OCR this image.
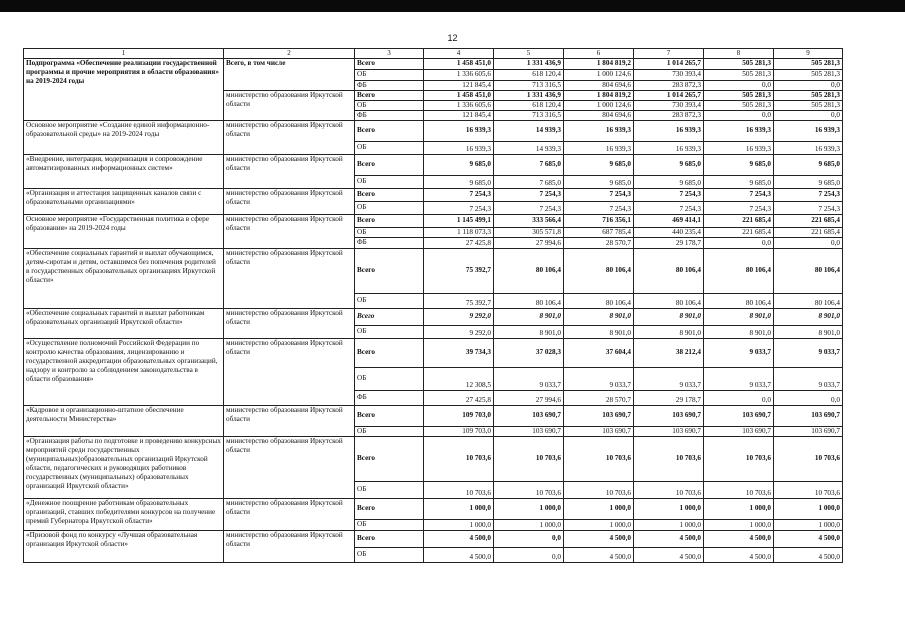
12
1	2	3	4	5	6	7	8	9
Подпрограмма «Обеспечение реализации государственной программы и прочие мероприятия в области образования» на 2019-2024 годы	Всего, в том числе	Всего	1 458 451,0	1 331 436,9	1 804 819,2	1 014 265,7	505 281,3	505 281,3
		ОБ	1 336 605,6	618 120,4	1 000 124,6	730 393,4	505 281,3	505 281,3
		ФБ	121 845,4	713 316,5	804 694,6	283 872,3	0,0	0,0
	министерство образования Иркутской области	Всего	1 458 451,0	1 331 436,9	1 804 819,2	1 014 265,7	505 281,3	505 281,3
		ОБ	1 336 605,6	618 120,4	1 000 124,6	730 393,4	505 281,3	505 281,3
		ФБ	121 845,4	713 316,5	804 694,6	283 872,3	0,0	0,0
Основное мероприятие «Создание единой информационно-образовательной среды» на 2019-2024 годы	министерство образования Иркутской области	Всего	16 939,3	14 939,3	16 939,3	16 939,3	16 939,3	16 939,3
		ОБ	16 939,3	14 939,3	16 939,3	16 939,3	16 939,3	16 939,3
«Внедрение, интеграция, модернизация и сопровождение автоматизированных информационных систем»	министерство образования Иркутской области	Всего	9 685,0	7 685,0	9 685,0	9 685,0	9 685,0	9 685,0
		ОБ	9 685,0	7 685,0	9 685,0	9 685,0	9 685,0	9 685,0
«Организация и аттестация защищенных каналов связи с образовательными организациями»	министерство образования Иркутской области	Всего	7 254,3	7 254,3	7 254,3	7 254,3	7 254,3	7 254,3
		ОБ	7 254,3	7 254,3	7 254,3	7 254,3	7 254,3	7 254,3
Основное мероприятие «Государственная политика в сфере образования» на 2019-2024 годы	министерство образования Иркутской области	Всего	1 145 499,1	333 566,4	716 356,1	469 414,1	221 685,4	221 685,4
		ОБ	1 118 073,3	305 571,8	687 785,4	440 235,4	221 685,4	221 685,4
		ФБ	27 425,8	27 994,6	28 570,7	29 178,7	0,0	0,0
«Обеспечение социальных гарантий и выплат обучающимся, детям-сиротам и детям, оставшимся без попечения родителей в государственных образовательных организациях Иркутской области»	министерство образования Иркутской области	Всего	75 392,7	80 106,4	80 106,4	80 106,4	80 106,4	80 106,4
		ОБ	75 392,7	80 106,4	80 106,4	80 106,4	80 106,4	80 106,4
«Обеспечение социальных гарантий и выплат работникам образовательных организаций Иркутской области»	министерство образования Иркутской области	Всего	9 292,0	8 901,0	8 901,0	8 901,0	8 901,0	8 901,0
		ОБ	9 292,0	8 901,0	8 901,0	8 901,0	8 901,0	8 901,0
«Осуществление полномочий Российской Федерации по контролю качества образования, лицензированию и государственной аккредитации образовательных организаций, надзору и контролю за соблюдением законодательства в области образования»	министерство образования Иркутской области	Всего	39 734,3	37 028,3	37 604,4	38 212,4	9 033,7	9 033,7
		ОБ	12 308,5	9 033,7	9 033,7	9 033,7	9 033,7	9 033,7
		ФБ	27 425,8	27 994,6	28 570,7	29 178,7	0,0	0,0
«Кадровое и организационно-штатное обеспечение деятельности Министерства»	министерство образования Иркутской области	Всего	109 703,0	103 690,7	103 690,7	103 690,7	103 690,7	103 690,7
		ОБ	109 703,0	103 690,7	103 690,7	103 690,7	103 690,7	103 690,7
«Организация работы по подготовке и проведению конкурсных мероприятий среди государственных (муниципальных)образовательных организаций Иркутской области, педагогических и руководящих работников государственных (муниципальных) образовательных организаций Иркутской области»	министерство образования Иркутской области	Всего	10 703,6	10 703,6	10 703,6	10 703,6	10 703,6	10 703,6
		ОБ	10 703,6	10 703,6	10 703,6	10 703,6	10 703,6	10 703,6
«Денежное поощрение работникам образовательных организаций, ставших победителями конкурсов на получение премий Губернатора Иркутской области»	министерство образования Иркутской области	Всего	1 000,0	1 000,0	1 000,0	1 000,0	1 000,0	1 000,0
		ОБ	1 000,0	1 000,0	1 000,0	1 000,0	1 000,0	1 000,0
«Призовой фонд по конкурсу «Лучшая образовательная организация Иркутской области»	министерство образования Иркутской области	Всего	4 500,0	0,0	4 500,0	4 500,0	4 500,0	4 500,0
		ОБ	4 500,0	0,0	4 500,0	4 500,0	4 500,0	4 500,0
